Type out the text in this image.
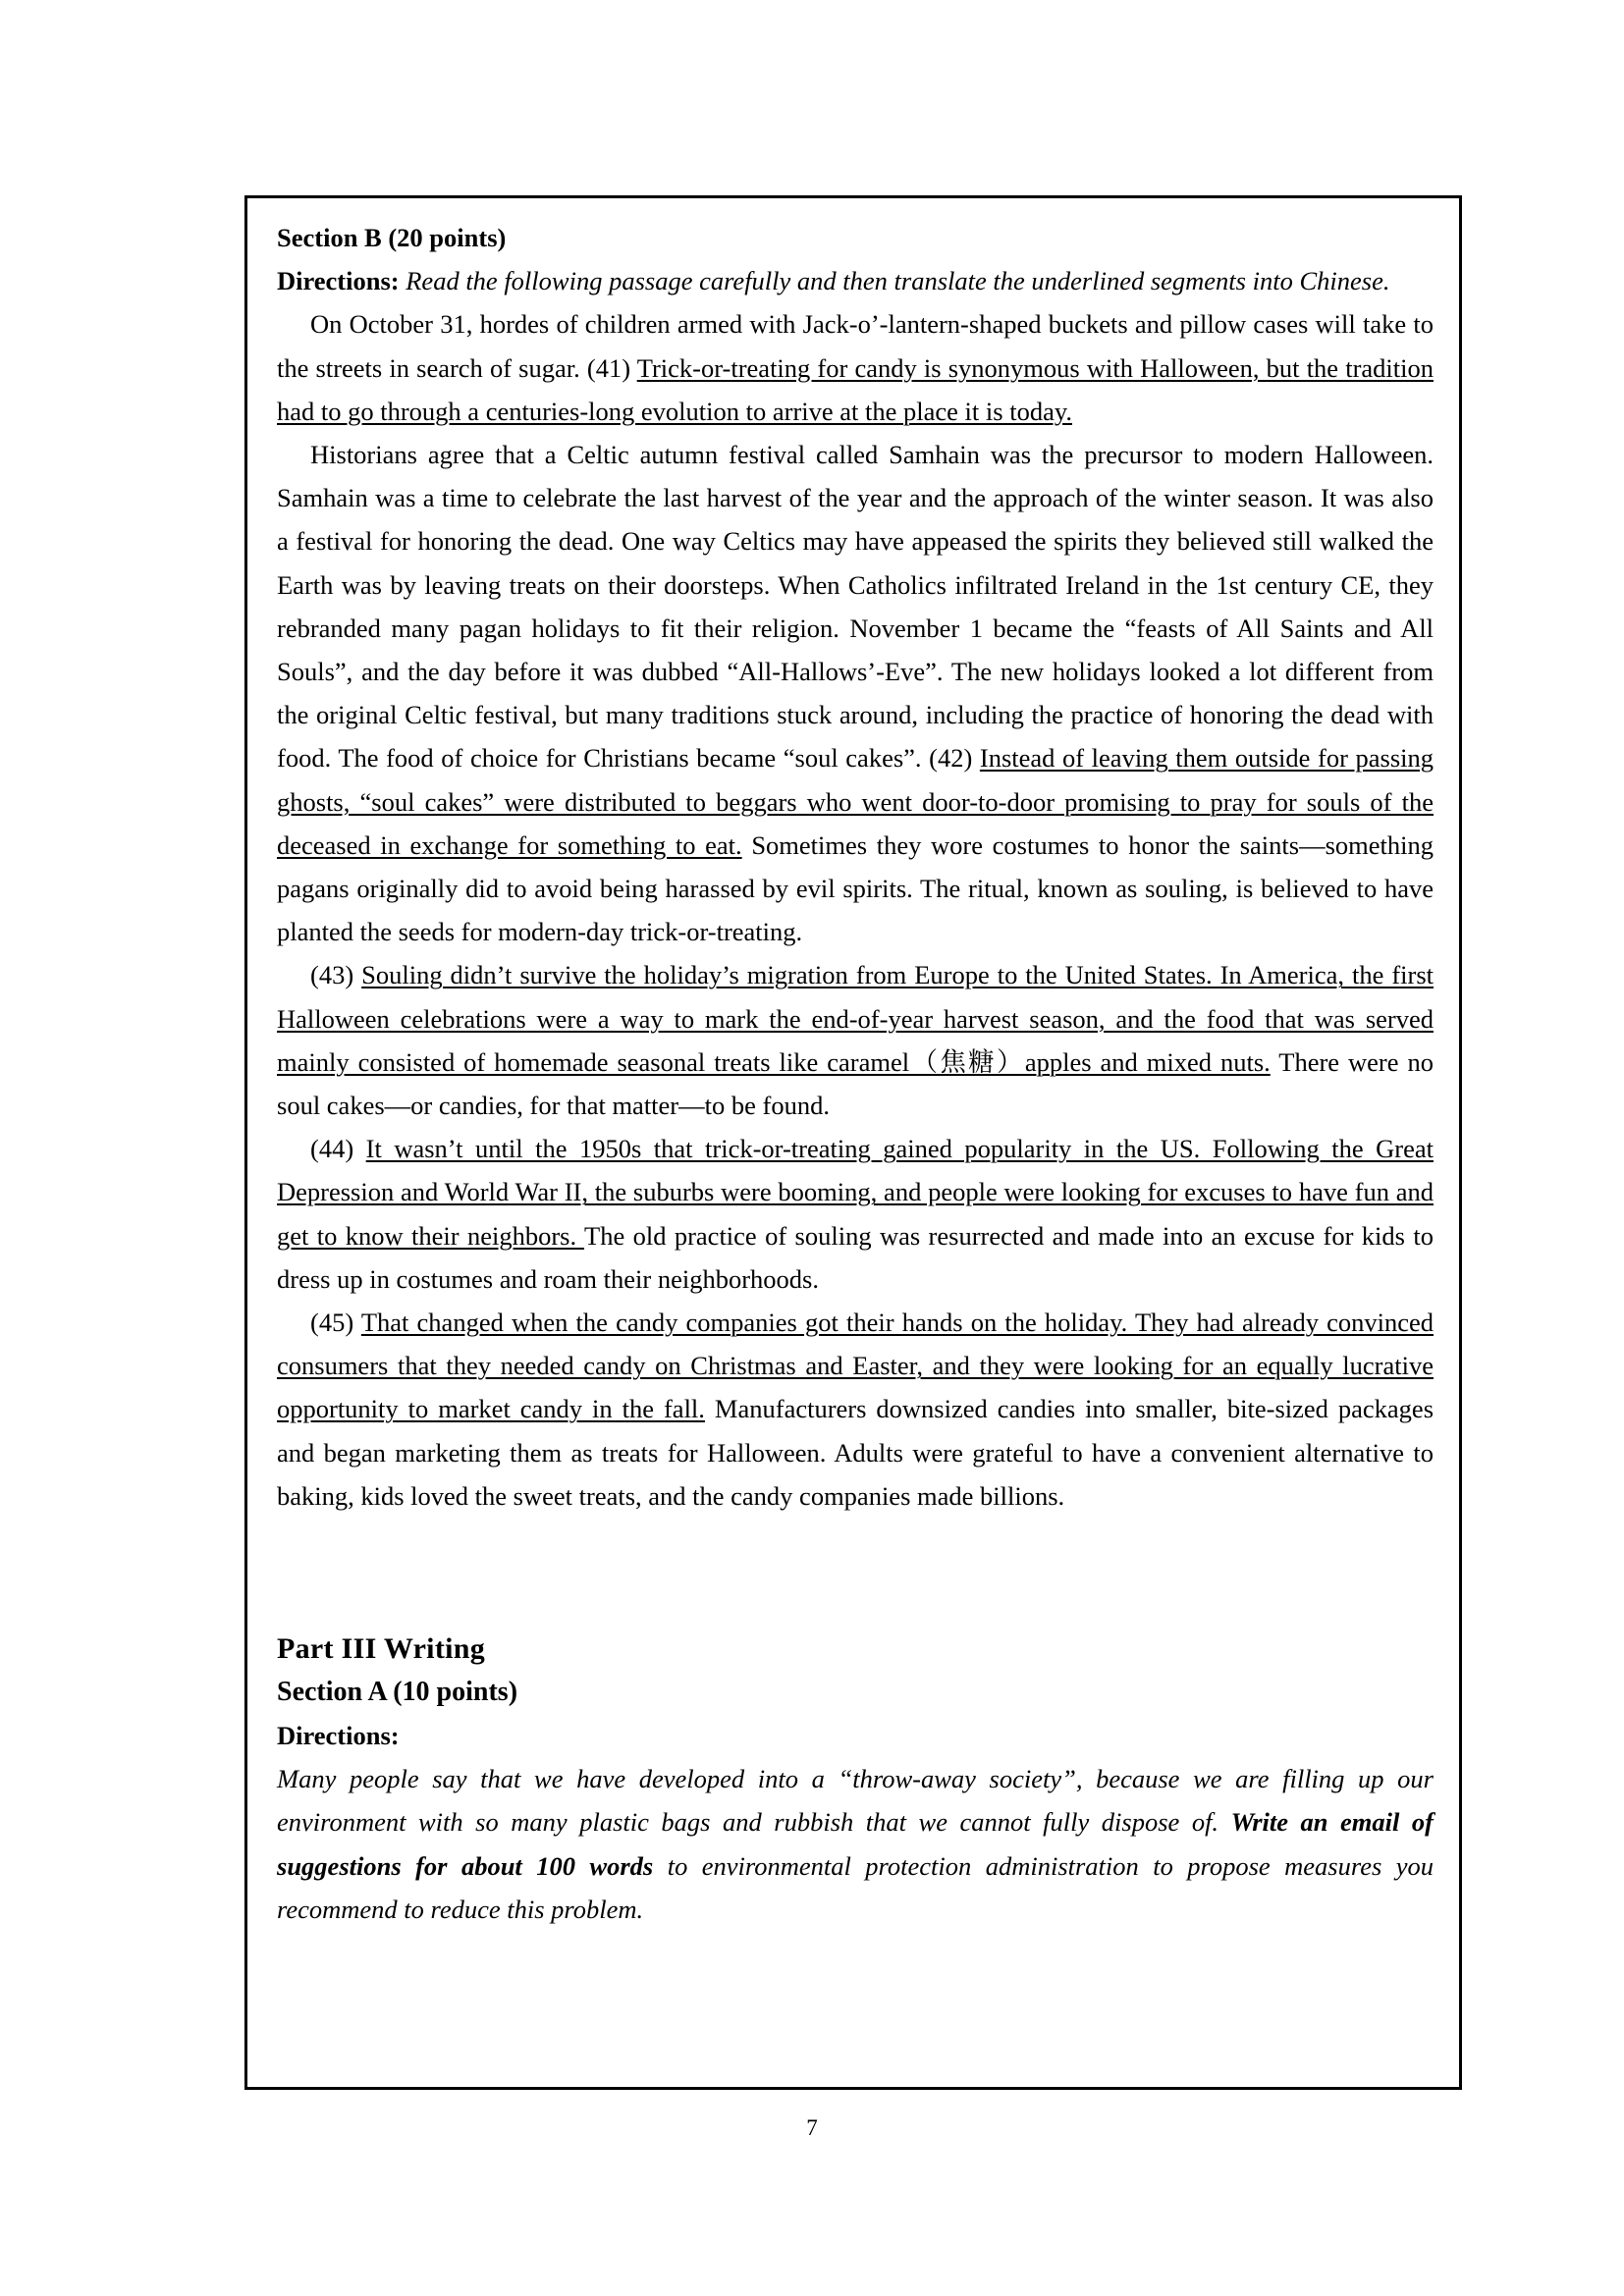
Section B (20 points)
Directions: Read the following passage carefully and then translate the underlined segments into Chinese.

On October 31, hordes of children armed with Jack-o’-lantern-shaped buckets and pillow cases will take to the streets in search of sugar. (41) Trick-or-treating for candy is synonymous with Halloween, but the tradition had to go through a centuries-long evolution to arrive at the place it is today.

Historians agree that a Celtic autumn festival called Samhain was the precursor to modern Halloween. Samhain was a time to celebrate the last harvest of the year and the approach of the winter season. It was also a festival for honoring the dead. One way Celtics may have appeased the spirits they believed still walked the Earth was by leaving treats on their doorsteps. When Catholics infiltrated Ireland in the 1st century CE, they rebranded many pagan holidays to fit their religion. November 1 became the “feasts of All Saints and All Souls”, and the day before it was dubbed “All-Hallows’-Eve”. The new holidays looked a lot different from the original Celtic festival, but many traditions stuck around, including the practice of honoring the dead with food. The food of choice for Christians became “soul cakes”. (42) Instead of leaving them outside for passing ghosts, “soul cakes” were distributed to beggars who went door-to-door promising to pray for souls of the deceased in exchange for something to eat. Sometimes they wore costumes to honor the saints—something pagans originally did to avoid being harassed by evil spirits. The ritual, known as souling, is believed to have planted the seeds for modern-day trick-or-treating.

(43) Souling didn’t survive the holiday’s migration from Europe to the United States. In America, the first Halloween celebrations were a way to mark the end-of-year harvest season, and the food that was served mainly consisted of homemade seasonal treats like caramel（焦糖）apples and mixed nuts. There were no soul cakes—or candies, for that matter—to be found.

(44) It wasn’t until the 1950s that trick-or-treating gained popularity in the US. Following the Great Depression and World War II, the suburbs were booming, and people were looking for excuses to have fun and get to know their neighbors. The old practice of souling was resurrected and made into an excuse for kids to dress up in costumes and roam their neighborhoods.

(45) That changed when the candy companies got their hands on the holiday. They had already convinced consumers that they needed candy on Christmas and Easter, and they were looking for an equally lucrative opportunity to market candy in the fall. Manufacturers downsized candies into smaller, bite-sized packages and began marketing them as treats for Halloween. Adults were grateful to have a convenient alternative to baking, kids loved the sweet treats, and the candy companies made billions.

Part III Writing
Section A (10 points)
Directions:

Many people say that we have developed into a “throw-away society”, because we are filling up our environment with so many plastic bags and rubbish that we cannot fully dispose of. Write an email of suggestions for about 100 words to environmental protection administration to propose measures you recommend to reduce this problem.

7
